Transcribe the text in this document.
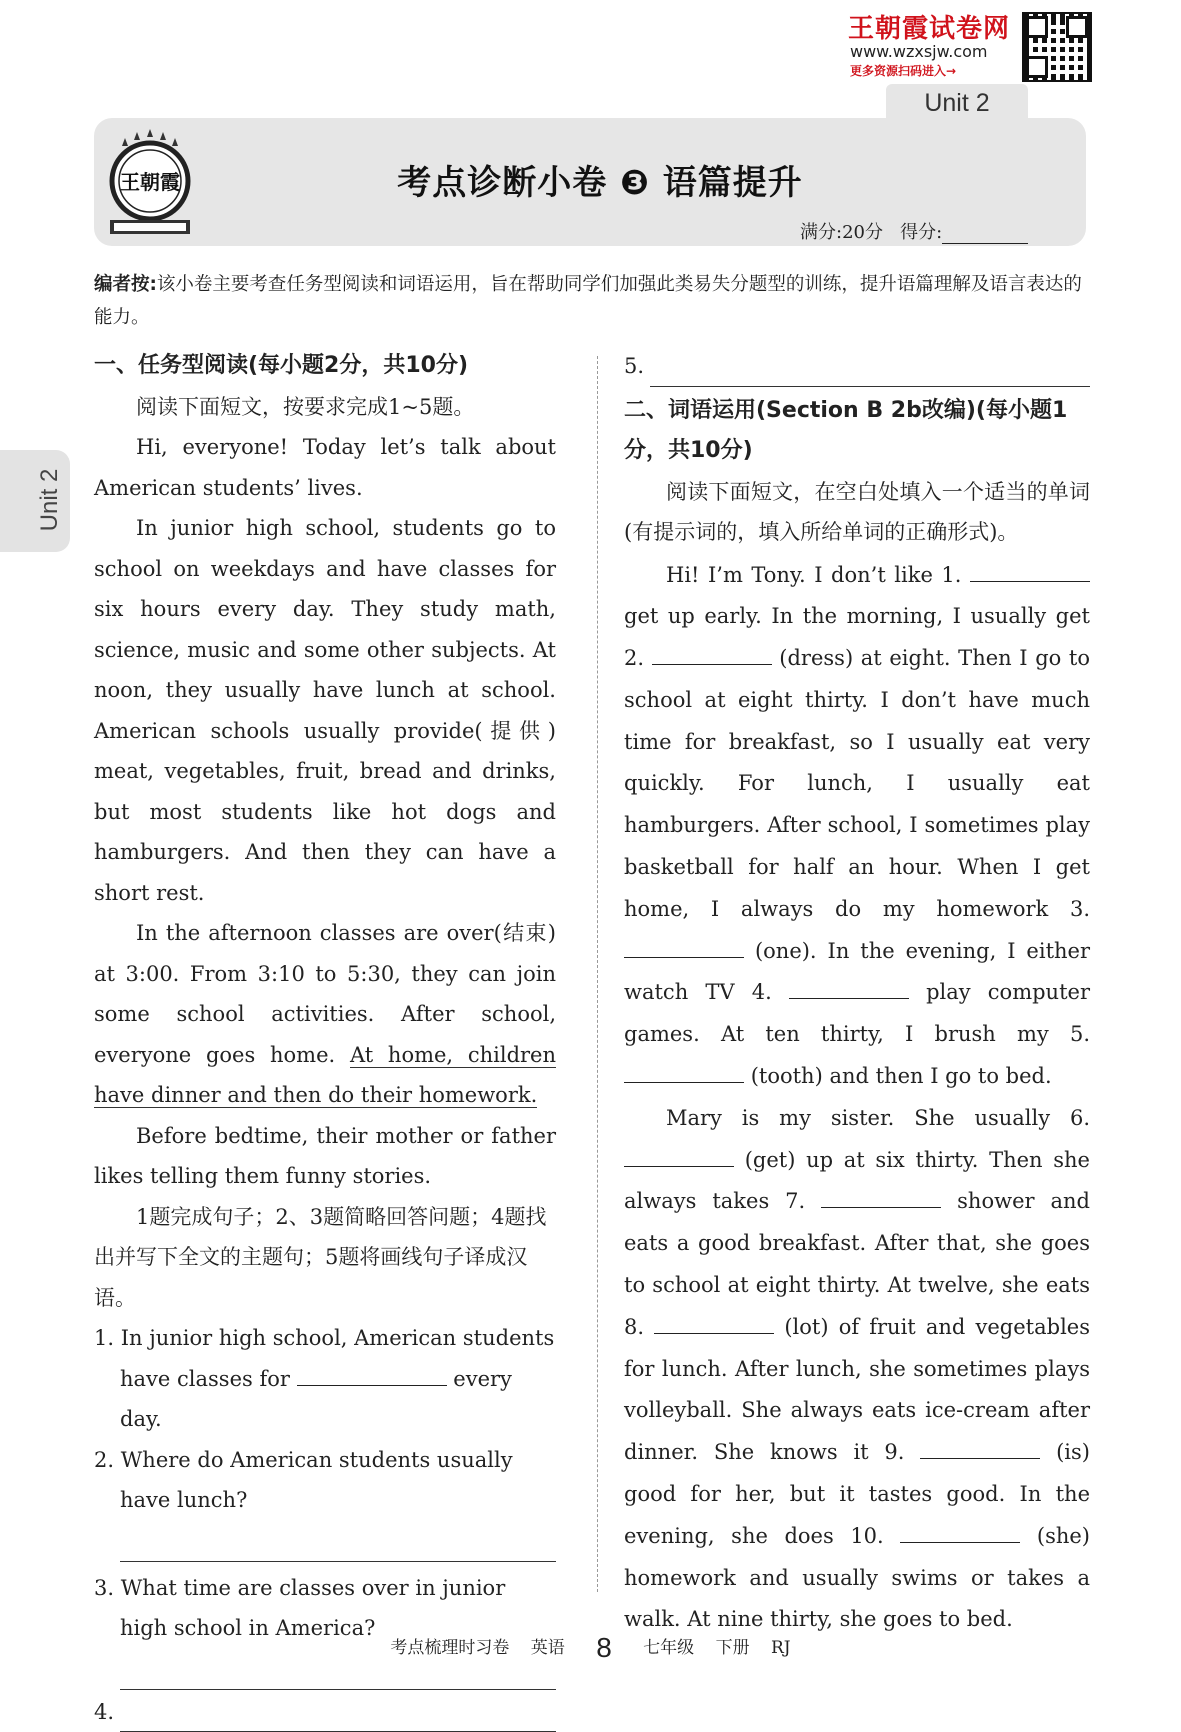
王朝霞试卷网
www.wzxsjw.com
更多资源扫码进入→
Unit 2
王朝霞	考点诊断小卷 ❸ 语篇提升
满分:20分 得分:
Unit 2
编者按:该小卷主要考查任务型阅读和词语运用，旨在帮助同学们加强此类易失分题型的训练，提升语篇理解及语言表达的能力。

一、任务型阅读(每小题2分，共10分)

阅读下面短文，按要求完成1~5题。

Hi, everyone! Today let’s talk about American students’ lives.

In junior high school, students go to school on weekdays and have classes for six hours every day. They study math, science, music and some other subjects. At noon, they usually have lunch at school. American schools usually provide(提供) meat, vegetables, fruit, bread and drinks, but most students like hot dogs and hamburgers. And then they can have a short rest.

In the afternoon classes are over(结束) at 3:00. From 3:10 to 5:30, they can join some school activities. After school, everyone goes home. At home, children have dinner and then do their homework.

Before bedtime, their mother or father likes telling them funny stories.

1题完成句子；2、3题简略回答问题；4题找出并写下全文的主题句；5题将画线句子译成汉语。

1. In junior high school, American students have classes for	every day.

2. Where do American students usually have lunch?

3. What time are classes over in junior high school in America?

4.
5.

二、词语运用(Section B 2b改编)(每小题1分，共10分)

阅读下面短文，在空白处填入一个适当的单词(有提示词的，填入所给单词的正确形式)。

Hi! I’m Tony. I don’t like 1.  get up early. In the morning, I usually get 2.	(dress) at eight. Then I go to school at eight thirty. I don’t have much time for breakfast, so I usually eat very quickly. For lunch, I usually eat hamburgers. After school, I sometimes play basketball for half an hour. When I get home, I always do my homework 3.  (one). In the evening, I either watch TV 4.	play computer games. At ten thirty, I brush my 5.  (tooth) and then I go to bed.

Mary is my sister. She usually 6.  (get) up at six thirty. Then she always takes 7.	shower and eats a good breakfast. After that, she goes to school at eight thirty. At twelve, she eats 8.	(lot) of fruit and vegetables for lunch. After lunch, she sometimes plays volleyball. She always eats ice-cream after dinner. She knows it 9.	(is) good for her, but it tastes good. In the evening, she does 10.	(she) homework and usually swims or takes a walk. At nine thirty, she goes to bed.

考点梳理时习卷 英语 8 七年级 下册 RJ
